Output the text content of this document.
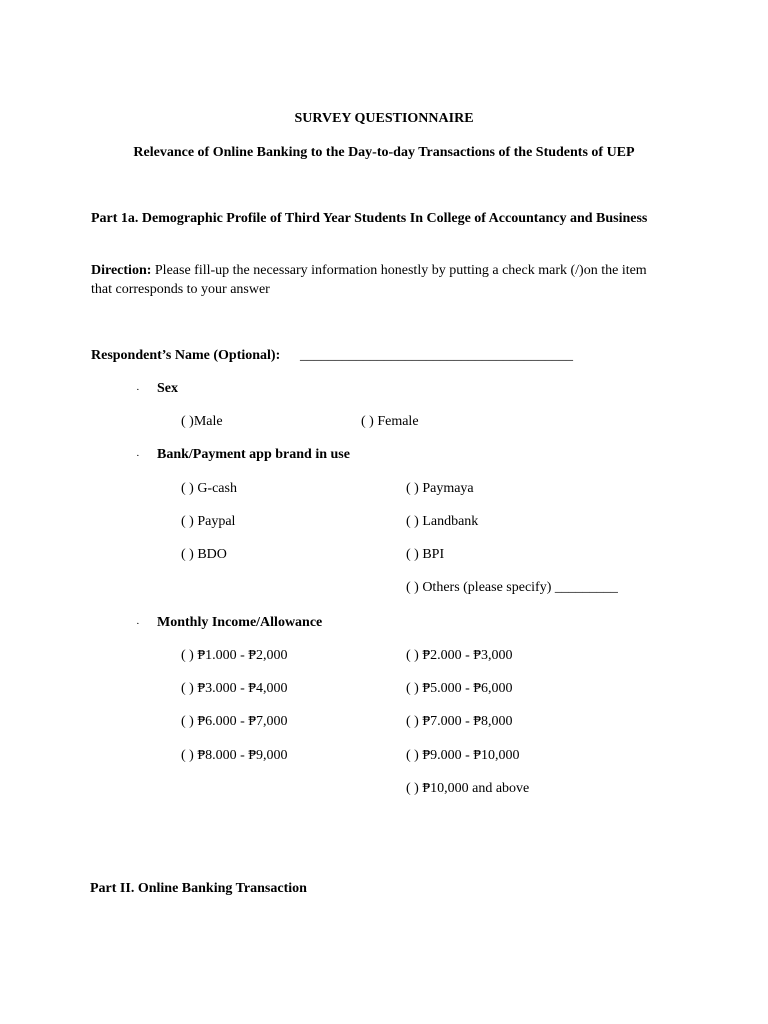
SURVEY QUESTIONNAIRE
Relevance of Online Banking to the Day-to-day Transactions of the Students of UEP
Part 1a. Demographic Profile of Third Year Students In College of Accountancy and Business
Direction: Please fill-up the necessary information honestly by putting a check mark (/)on the item that corresponds to your answer
Respondent’s Name (Optional): _______________________________________
· Sex
( )Male	( ) Female
· Bank/Payment app brand in use
( ) G-cash	( ) Paymaya
( ) Paypal	( ) Landbank
( ) BDO	( ) BPI
( ) Others (please specify) _________
· Monthly Income/Allowance
( ) ₱1.000 - ₱2,000	( ) ₱2.000 - ₱3,000
( ) ₱3.000 - ₱4,000	( ) ₱5.000 - ₱6,000
( ) ₱6.000 - ₱7,000	( ) ₱7.000 - ₱8,000
( ) ₱8.000 - ₱9,000	( ) ₱9.000 - ₱10,000
( ) ₱10,000 and above
Part II. Online Banking Transaction
